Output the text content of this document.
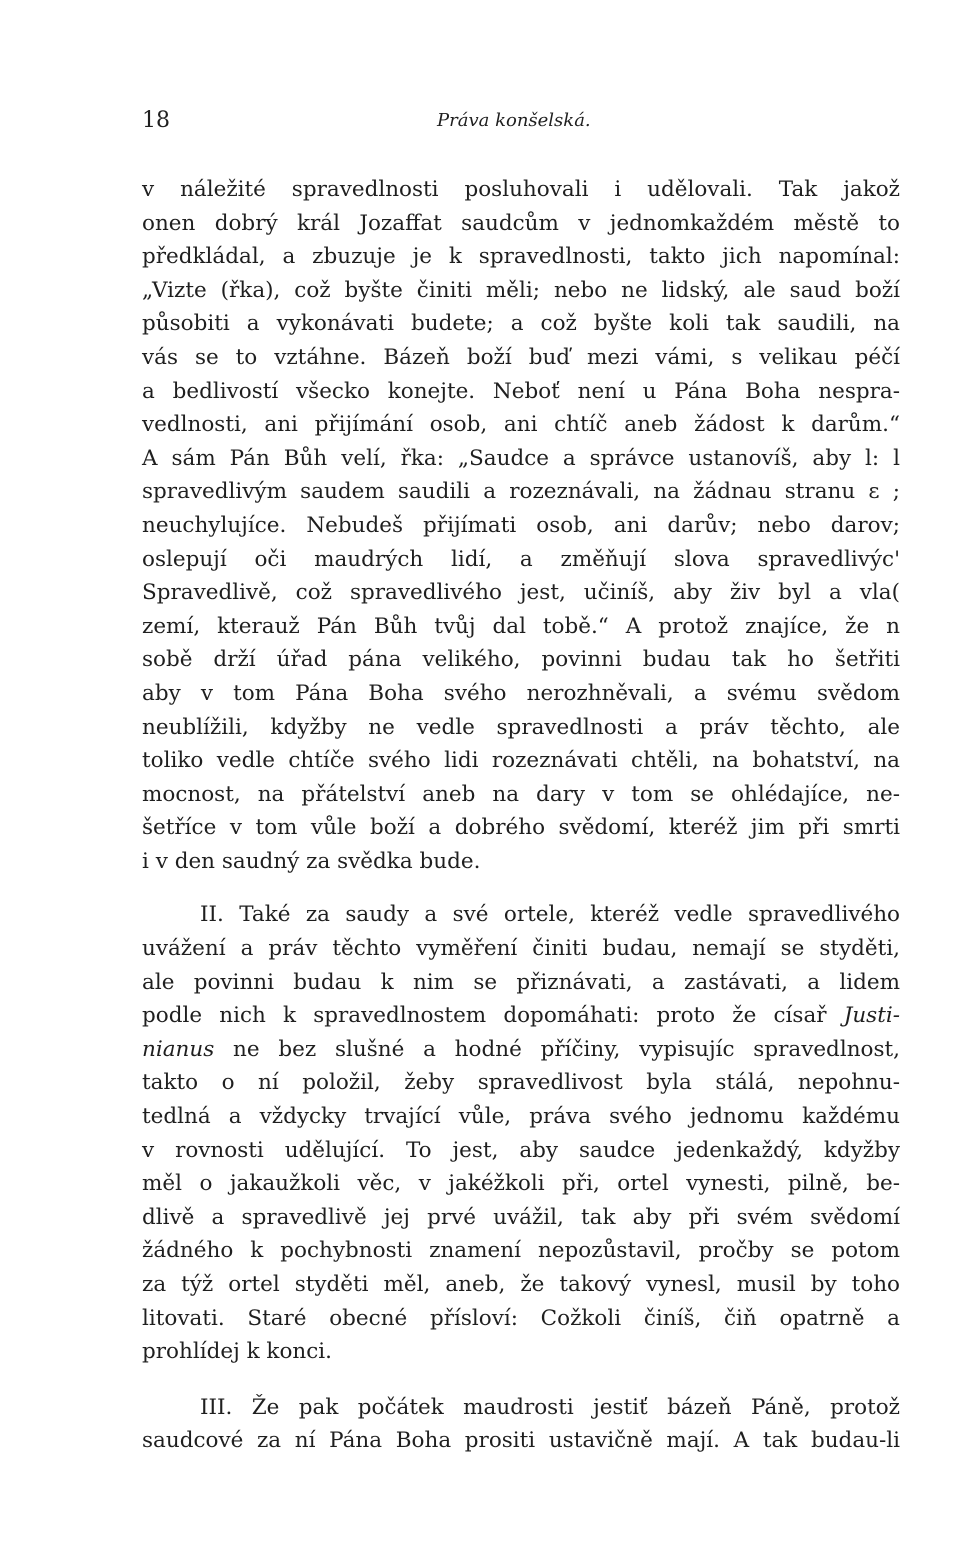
18	Práva konšelská.
v náležité spravedlnosti posluhovali i udělovali. Tak jakož
onen dobrý král Jozaffat saudcům v jednomkaždém městě to
předkládal, a zbuzuje je k spravedlnosti, takto jich napomínal:
„Vizte (řka), což byšte činiti měli; nebo ne lidský, ale saud boží
působiti a vykonávati budete; a což byšte koli tak saudili, na
vás se to vztáhne. Bázeň boží buď mezi vámi, s velikau péčí
a bedlivostí všecko konejte. Neboť není u Pána Boha nespra-
vedlnosti, ani přijímání osob, ani chtíč aneb žádost k darům.“
A sám Pán Bůh velí, řka: „Saudce a správce ustanovíš, aby l: l
spravedlivým saudem saudili a rozeznávali, na žádnau stranu ε ;
neuchylujíce. Nebudeš přijímati osob, ani darův; nebo darov;
oslepují oči maudrých lidí, a změňují slova spravedlivýc'
Spravedlivě, což spravedlivého jest, učiníš, aby živ byl a vla(
zemí, kterauž Pán Bůh tvůj dal tobě.“ A protož znajíce, že n
sobě drží úřad pána velikého, povinni budau tak ho šetřiti
aby v tom Pána Boha svého nerozhněvali, a svému svědom
neublížili, kdyžby ne vedle spravedlnosti a práv těchto, ale
toliko vedle chtíče svého lidi rozeznávati chtěli, na bohatství, na
mocnost, na přátelství aneb na dary v tom se ohlédajíce, ne-
šetříce v tom vůle boží a dobrého svědomí, kteréž jim při smrti
i v den saudný za svědka bude.
II. Také za saudy a své ortele, kteréž vedle spravedlivého
uvážení a práv těchto vyměření činiti budau, nemají se styděti,
ale povinni budau k nim se přiznávati, a zastávati, a lidem
podle nich k spravedlnostem dopomáhati: proto že císař Justi-
nianus ne bez slušné a hodné příčiny, vypisujíc spravedlnost,
takto o ní položil, žeby spravedlivost byla stálá, nepohnu-
tedlná a vždycky trvající vůle, práva svého jednomu každému
v rovnosti udělující. To jest, aby saudce jedenkaždý, kdyžby
měl o jakaužkoli věc, v jakéžkoli při, ortel vynesti, pilně, be-
dlivě a spravedlivě jej prvé uvážil, tak aby při svém svědomí
žádného k pochybnosti znamení nepozůstavil, pročby se potom
za týž ortel styděti měl, aneb, že takový vynesl, musil by toho
litovati. Staré obecné přísloví: Cožkoli činíš, čiň opatrně a
prohlídej k konci.
III. Že pak počátek maudrosti jestiť bázeň Páně, protož
saudcové za ní Pána Boha prositi ustavičně mají. A tak budau-li
